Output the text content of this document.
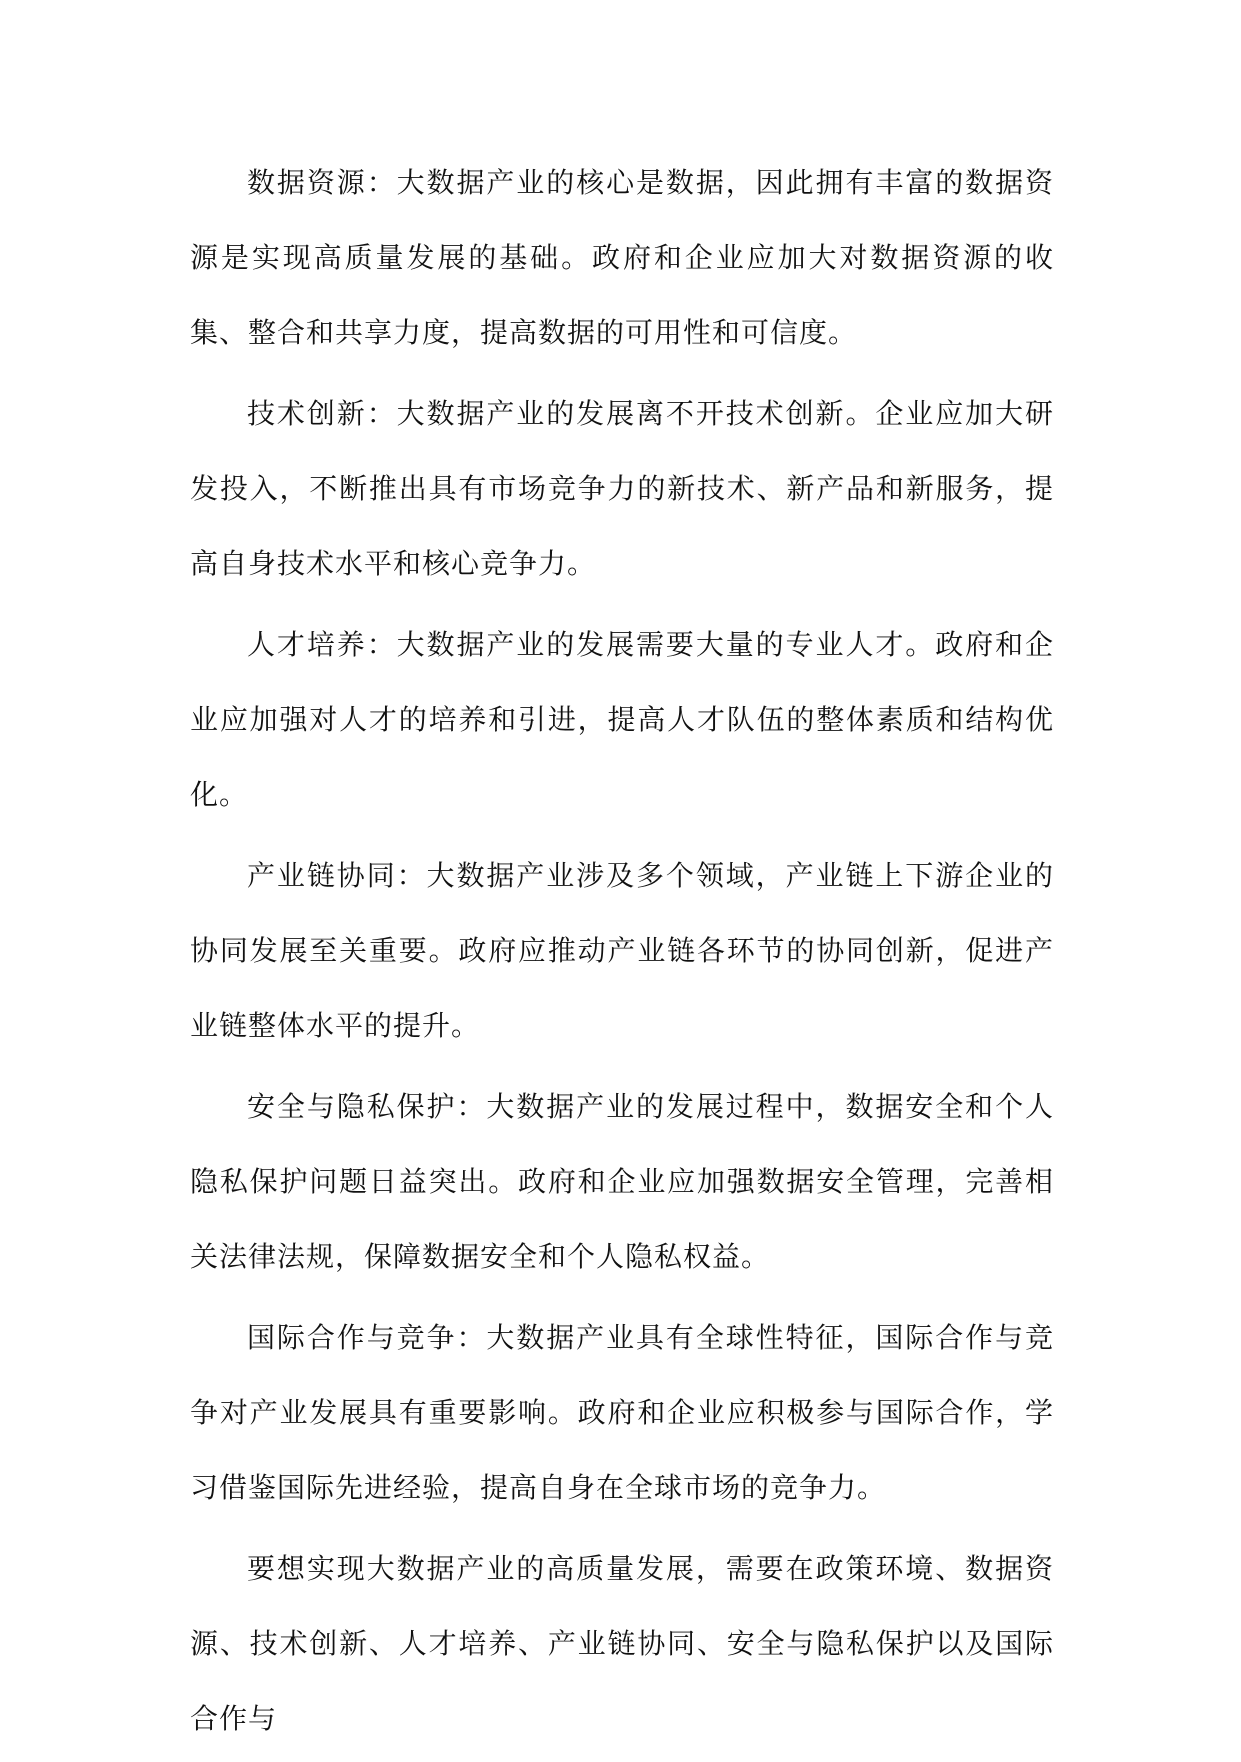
数据资源：大数据产业的核心是数据，因此拥有丰富的数据资源是实现高质量发展的基础。政府和企业应加大对数据资源的收集、整合和共享力度，提高数据的可用性和可信度。

技术创新：大数据产业的发展离不开技术创新。企业应加大研发投入，不断推出具有市场竞争力的新技术、新产品和新服务，提高自身技术水平和核心竞争力。

人才培养：大数据产业的发展需要大量的专业人才。政府和企业应加强对人才的培养和引进，提高人才队伍的整体素质和结构优化。

产业链协同：大数据产业涉及多个领域，产业链上下游企业的协同发展至关重要。政府应推动产业链各环节的协同创新，促进产业链整体水平的提升。

安全与隐私保护：大数据产业的发展过程中，数据安全和个人隐私保护问题日益突出。政府和企业应加强数据安全管理，完善相关法律法规，保障数据安全和个人隐私权益。

国际合作与竞争：大数据产业具有全球性特征，国际合作与竞争对产业发展具有重要影响。政府和企业应积极参与国际合作，学习借鉴国际先进经验，提高自身在全球市场的竞争力。

要想实现大数据产业的高质量发展，需要在政策环境、数据资源、技术创新、人才培养、产业链协同、安全与隐私保护以及国际合作与
